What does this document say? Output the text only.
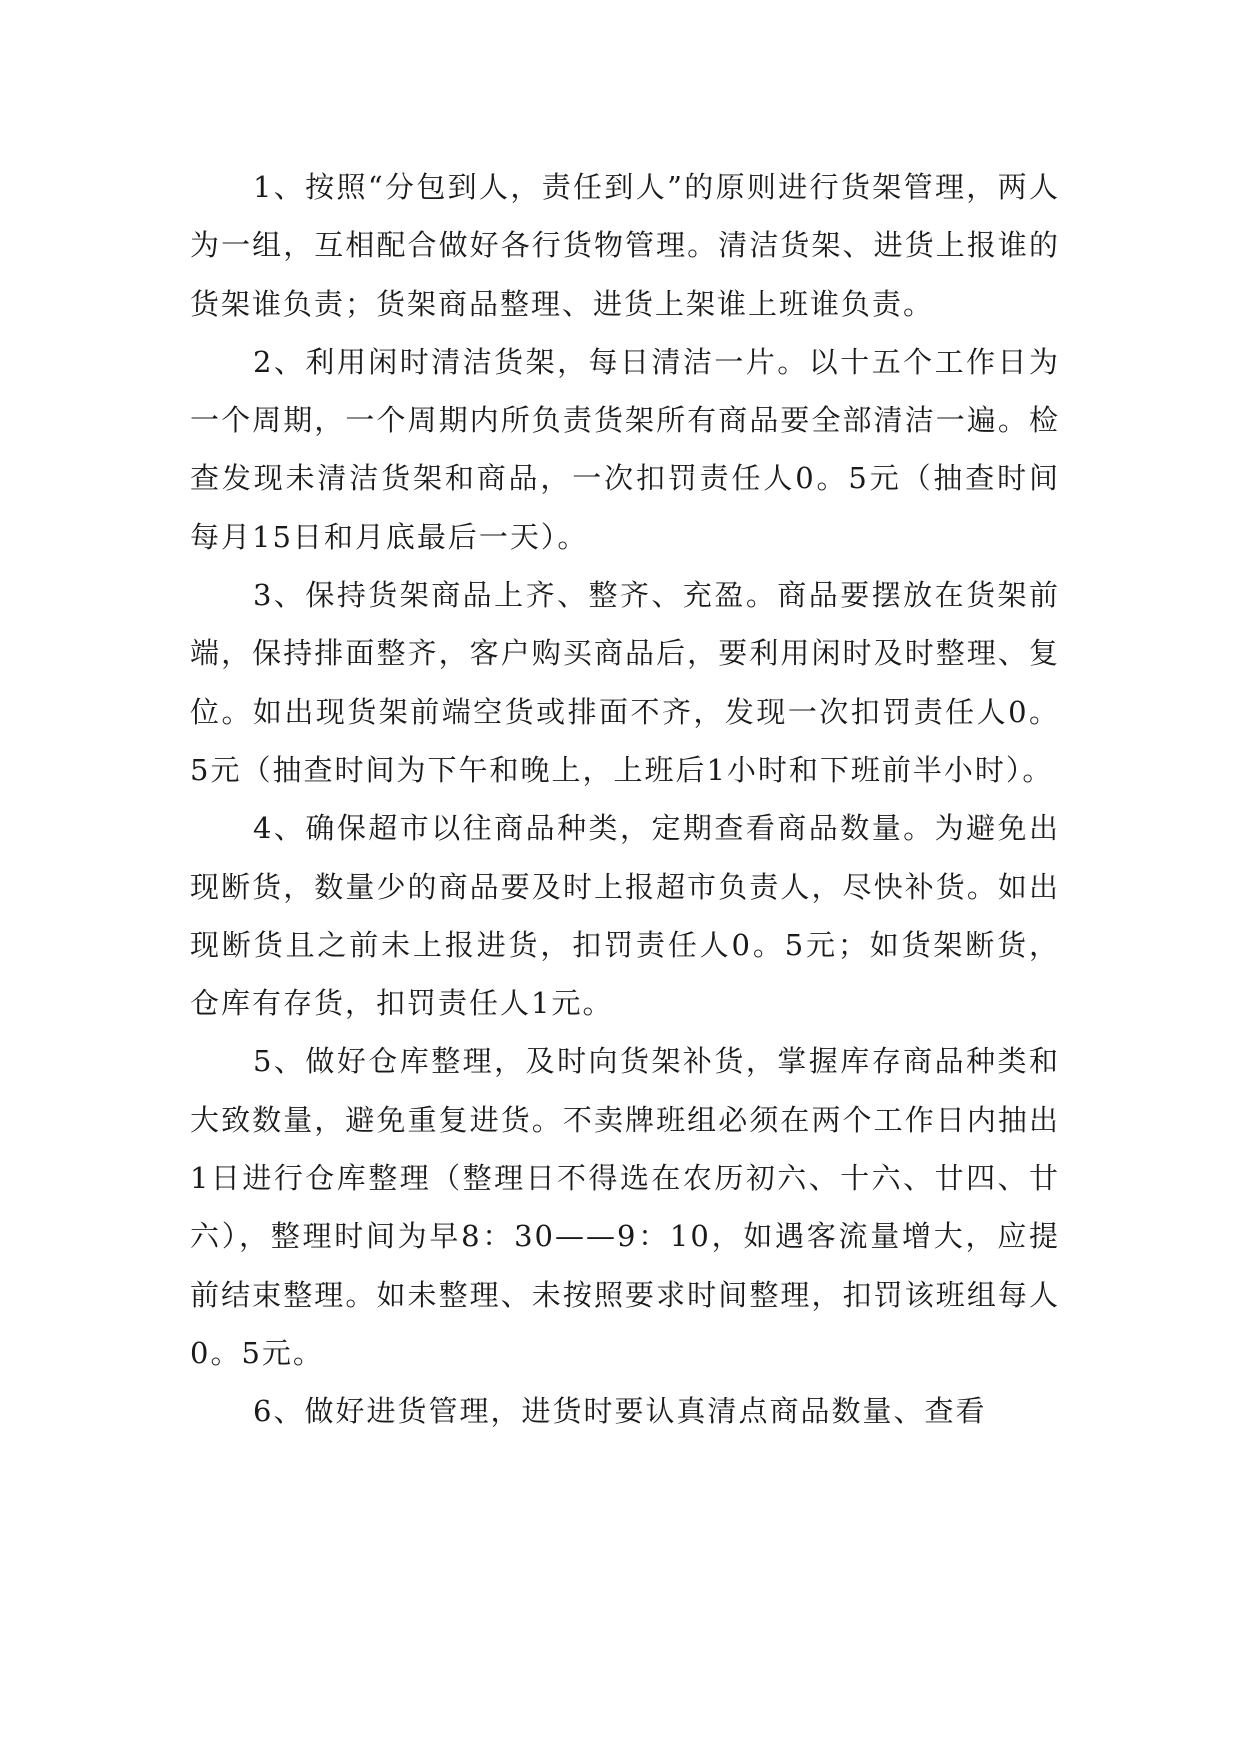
1、按照“分包到人，责任到人”的原则进行货架管理，两人为一组，互相配合做好各行货物管理。清洁货架、进货上报谁的货架谁负责；货架商品整理、进货上架谁上班谁负责。

2、利用闲时清洁货架，每日清洁一片。以十五个工作日为一个周期，一个周期内所负责货架所有商品要全部清洁一遍。检查发现未清洁货架和商品，一次扣罚责任人0。5元（抽查时间每月15日和月底最后一天）。

3、保持货架商品上齐、整齐、充盈。商品要摆放在货架前端，保持排面整齐，客户购买商品后，要利用闲时及时整理、复位。如出现货架前端空货或排面不齐，发现一次扣罚责任人0。5元（抽查时间为下午和晚上，上班后1小时和下班前半小时）。

4、确保超市以往商品种类，定期查看商品数量。为避免出现断货，数量少的商品要及时上报超市负责人，尽快补货。如出现断货且之前未上报进货，扣罚责任人0。5元；如货架断货，仓库有存货，扣罚责任人1元。

5、做好仓库整理，及时向货架补货，掌握库存商品种类和大致数量，避免重复进货。不卖牌班组必须在两个工作日内抽出1日进行仓库整理（整理日不得选在农历初六、十六、廿四、廿六），整理时间为早8：30——9：10，如遇客流量增大，应提前结束整理。如未整理、未按照要求时间整理，扣罚该班组每人0。5元。

6、做好进货管理，进货时要认真清点商品数量、查看
